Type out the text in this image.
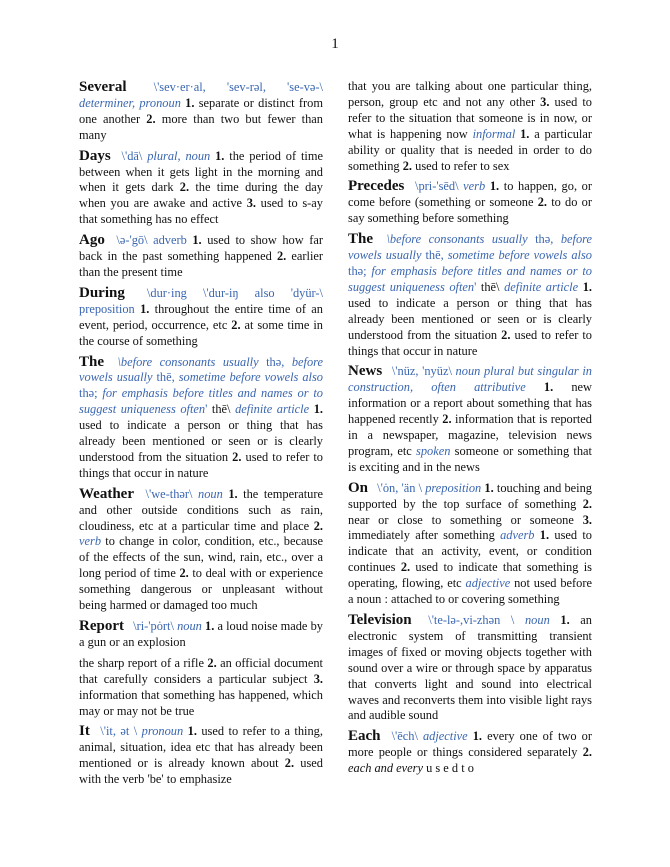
1

Several \'sev·er·al, 'sev-rəl, 'se-və-\ determiner, pronoun 1. separate or distinct from one another 2. more than two but fewer than many

Days \'dā\ plural, noun 1. the period of time between when it gets light in the morning and when it gets dark 2. the time during the day when you are awake and active 3. used to s-ay that something has no effect

Ago \ə-'gō\ adverb 1. used to show how far back in the past something happened 2. earlier than the present time

During \dur·ing \'dur-iŋ also 'dyür-\ preposition 1. throughout the entire time of an event, period, occurrence, etc 2. at some time in the course of something

The \before consonants usually thə, before vowels usually thē, sometime before vowels also thə; for emphasis before titles and names or to suggest uniqueness often' thē\ definite article 1. used to indicate a person or thing that has already been mentioned or seen or is clearly understood from the situation 2. used to refer to things that occur in nature

Weather \'we-thər\ noun 1. the temperature and other outside conditions such as rain, cloudiness, etc at a particular time and place 2. verb to change in color, condition, etc., because of the effects of the sun, wind, rain, etc., over a long period of time 2. to deal with or experience something dangerous or unpleasant without being harmed or damaged too much

Report \ri-'pȯrt\ noun 1. a loud noise made by a gun or an explosion

the sharp report of a rifle 2. an official document that carefully considers a particular subject 3. information that something has happened, which may or may not be true

It \'it, ət \ pronoun 1. used to refer to a thing, animal, situation, idea etc that has already been mentioned or is already known about 2. used with the verb 'be' to emphasize

that you are talking about one particular thing, person, group etc and not any other 3. used to refer to the situation that someone is in now, or what is happening now informal 1. a particular ability or quality that is needed in order to do something 2. used to refer to sex

Precedes \pri-'sēd\ verb 1. to happen, go, or come before (something or someone 2. to do or say something before something

The \before consonants usually thə, before vowels usually thē, sometime before vowels also thə; for emphasis before titles and names or to suggest uniqueness often' thē\ definite article 1. used to indicate a person or thing that has already been mentioned or seen or is clearly understood from the situation 2. used to refer to things that occur in nature

News \'nüz, 'nyüz\ noun plural but singular in construction, often attributive 1. new information or a report about something that has happened recently 2. information that is reported in a newspaper, magazine, television news program, etc spoken someone or something that is exciting and in the news

On \'ȯn, 'än \ preposition 1. touching and being supported by the top surface of something 2. near or close to something or someone 3. immediately after something adverb 1. used to indicate that an activity, event, or condition continues 2. used to indicate that something is operating, flowing, etc adjective not used before a noun : attached to or covering something

Television \'te-lə-,vi-zhən \ noun 1. an electronic system of transmitting transient images of fixed or moving objects together with sound over a wire or through space by apparatus that converts light and sound into electrical waves and reconverts them into visible light rays and audible sound

Each \'ēch\ adjective 1. every one of two or more people or things considered separately 2. each and every u s e d t o
